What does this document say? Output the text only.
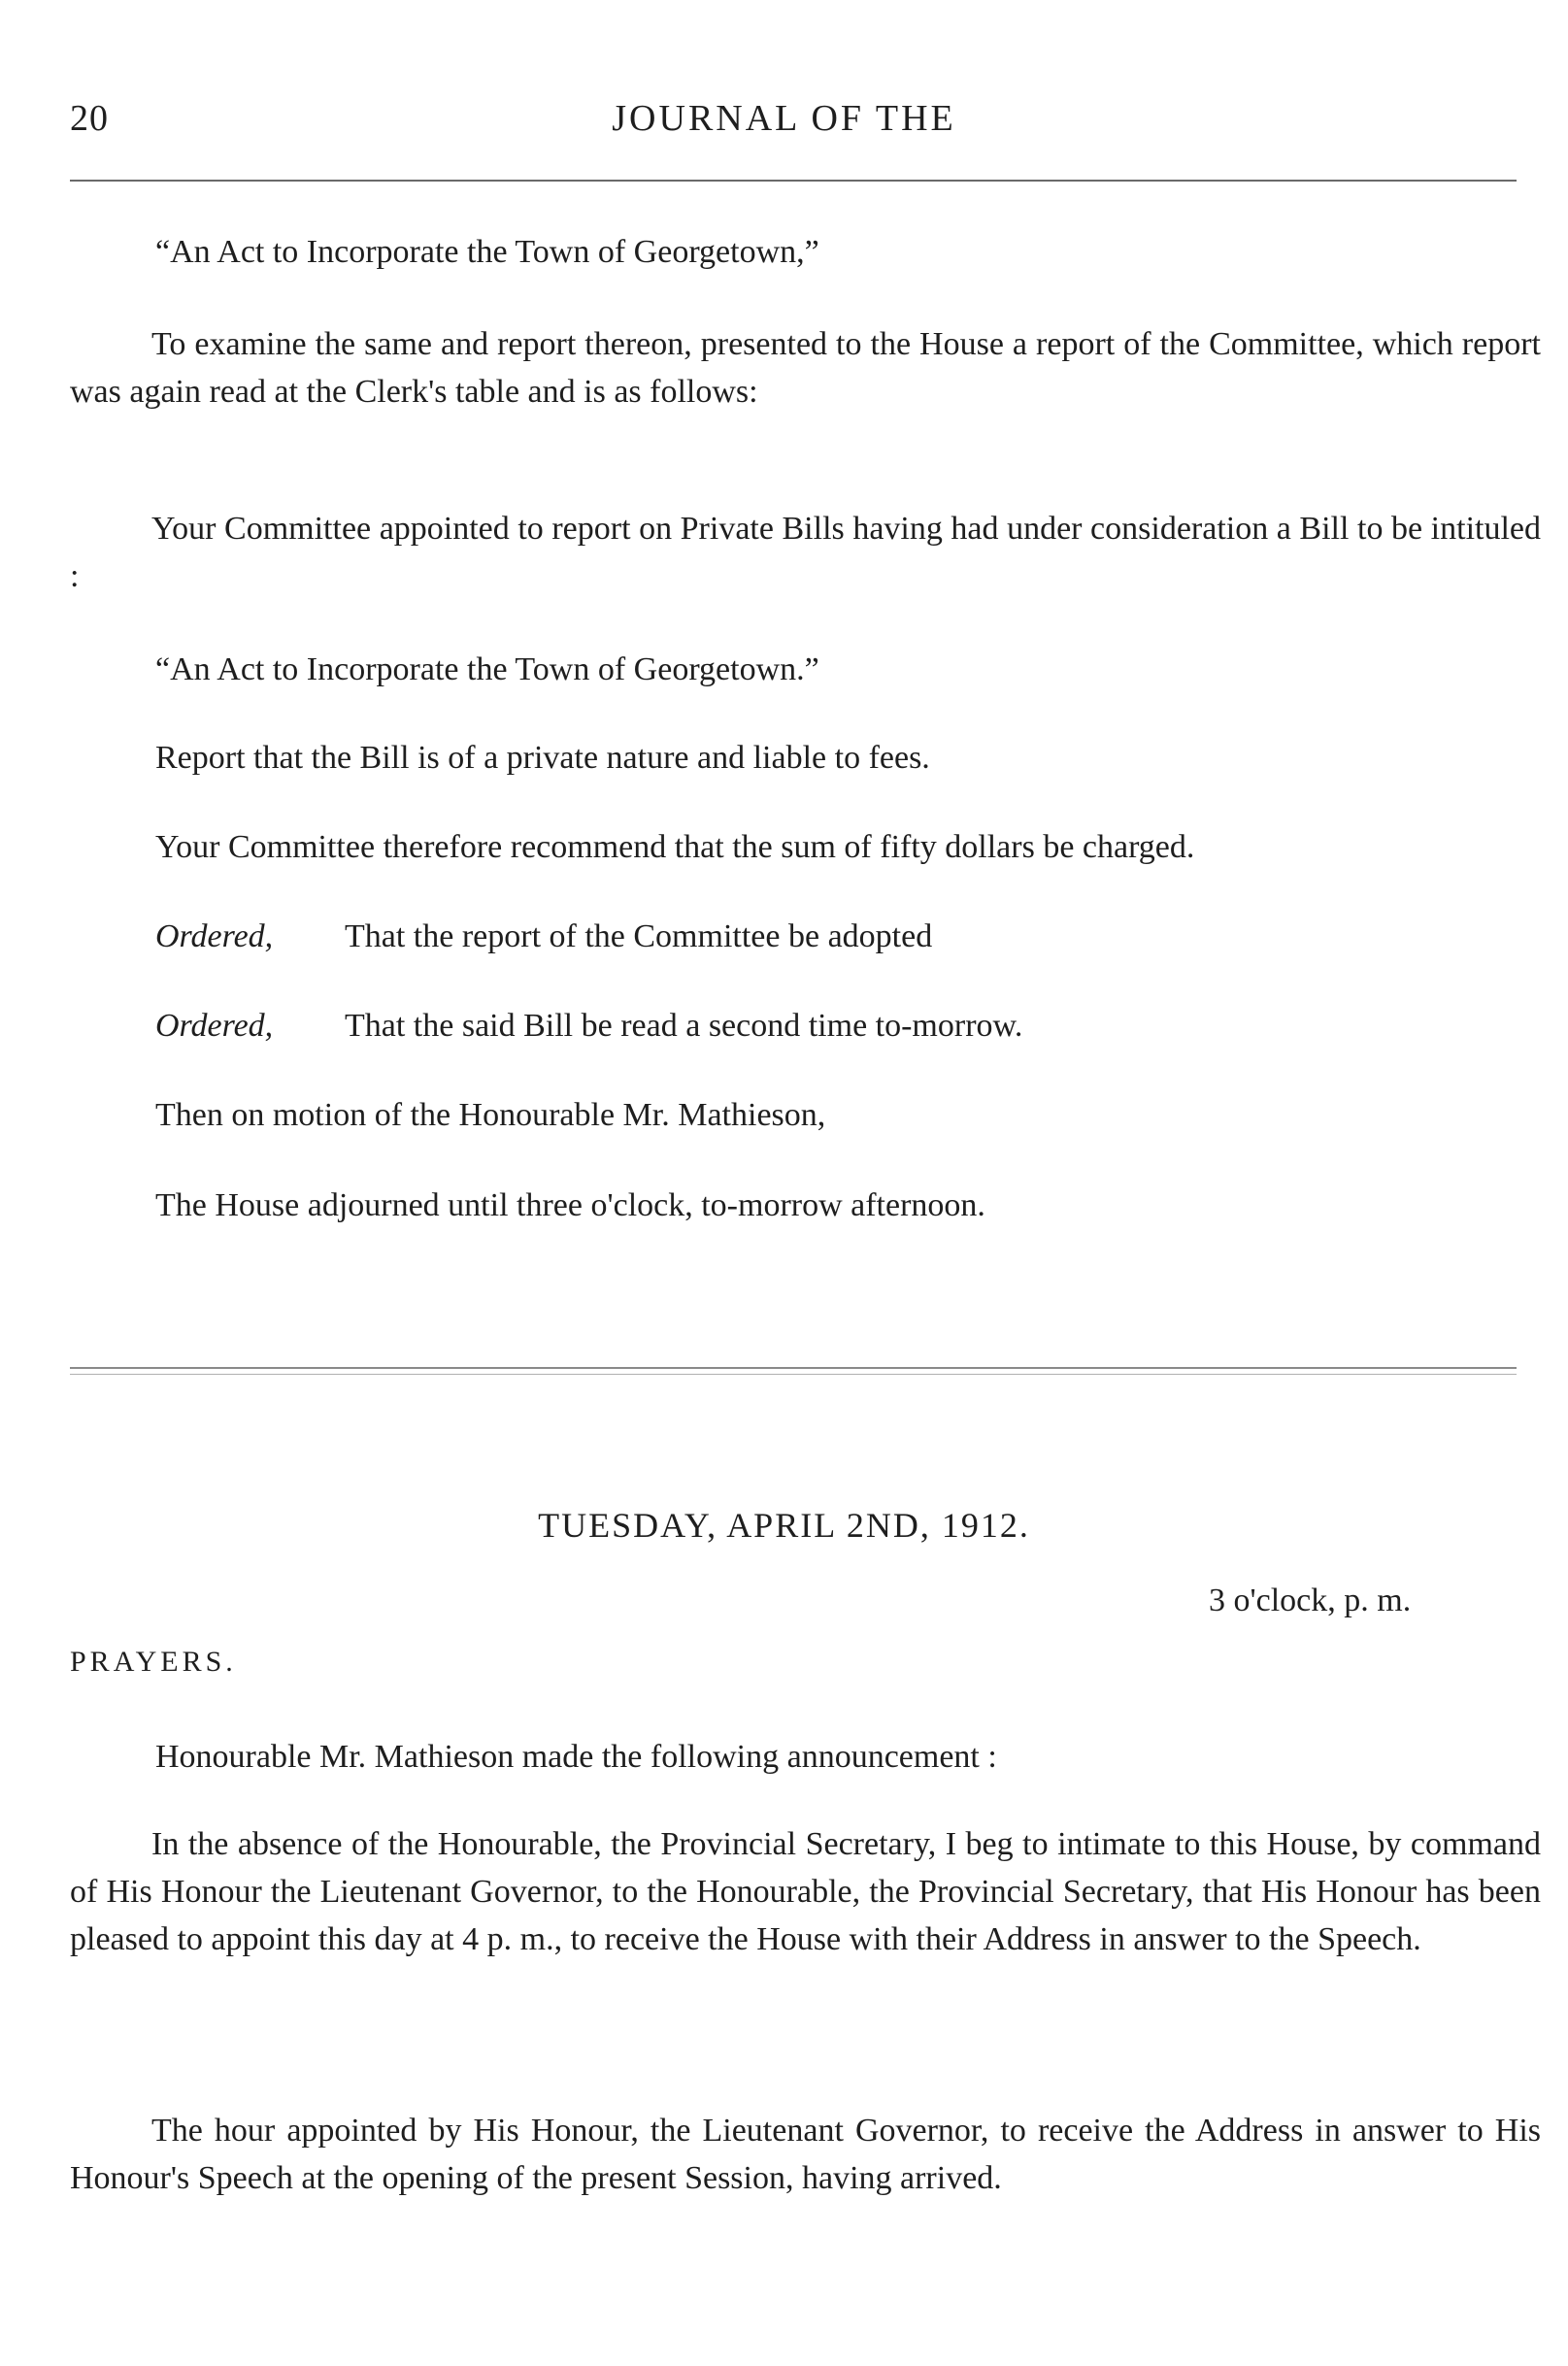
20	JOURNAL OF THE

“An Act to Incorporate the Town of Georgetown,”

To examine the same and report thereon, presented to the House a report of the Committee, which report was again read at the Clerk's table and is as follows:

Your Committee appointed to report on Private Bills having had under consideration a Bill to be intituled :

“An Act to Incorporate the Town of Georgetown.”

Report that the Bill is of a private nature and liable to fees.

Your Committee therefore recommend that the sum of fifty dollars be charged.

Ordered, That the report of the Committee be adopted

Ordered, That the said Bill be read a second time to-morrow.

Then on motion of the Honourable Mr. Mathieson,

The House adjourned until three o'clock, to-morrow afternoon.

TUESDAY, APRIL 2ND, 1912.
3 o'clock, p. m.
PRAYERS.

Honourable Mr. Mathieson made the following announcement :

In the absence of the Honourable, the Provincial Secretary, I beg to intimate to this House, by command of His Honour the Lieutenant Governor, to the Honourable, the Provincial Secretary, that His Honour has been pleased to appoint this day at 4 p. m., to receive the House with their Address in answer to the Speech.

The hour appointed by His Honour, the Lieutenant Governor, to receive the Address in answer to His Honour's Speech at the opening of the present Session, having arrived.
